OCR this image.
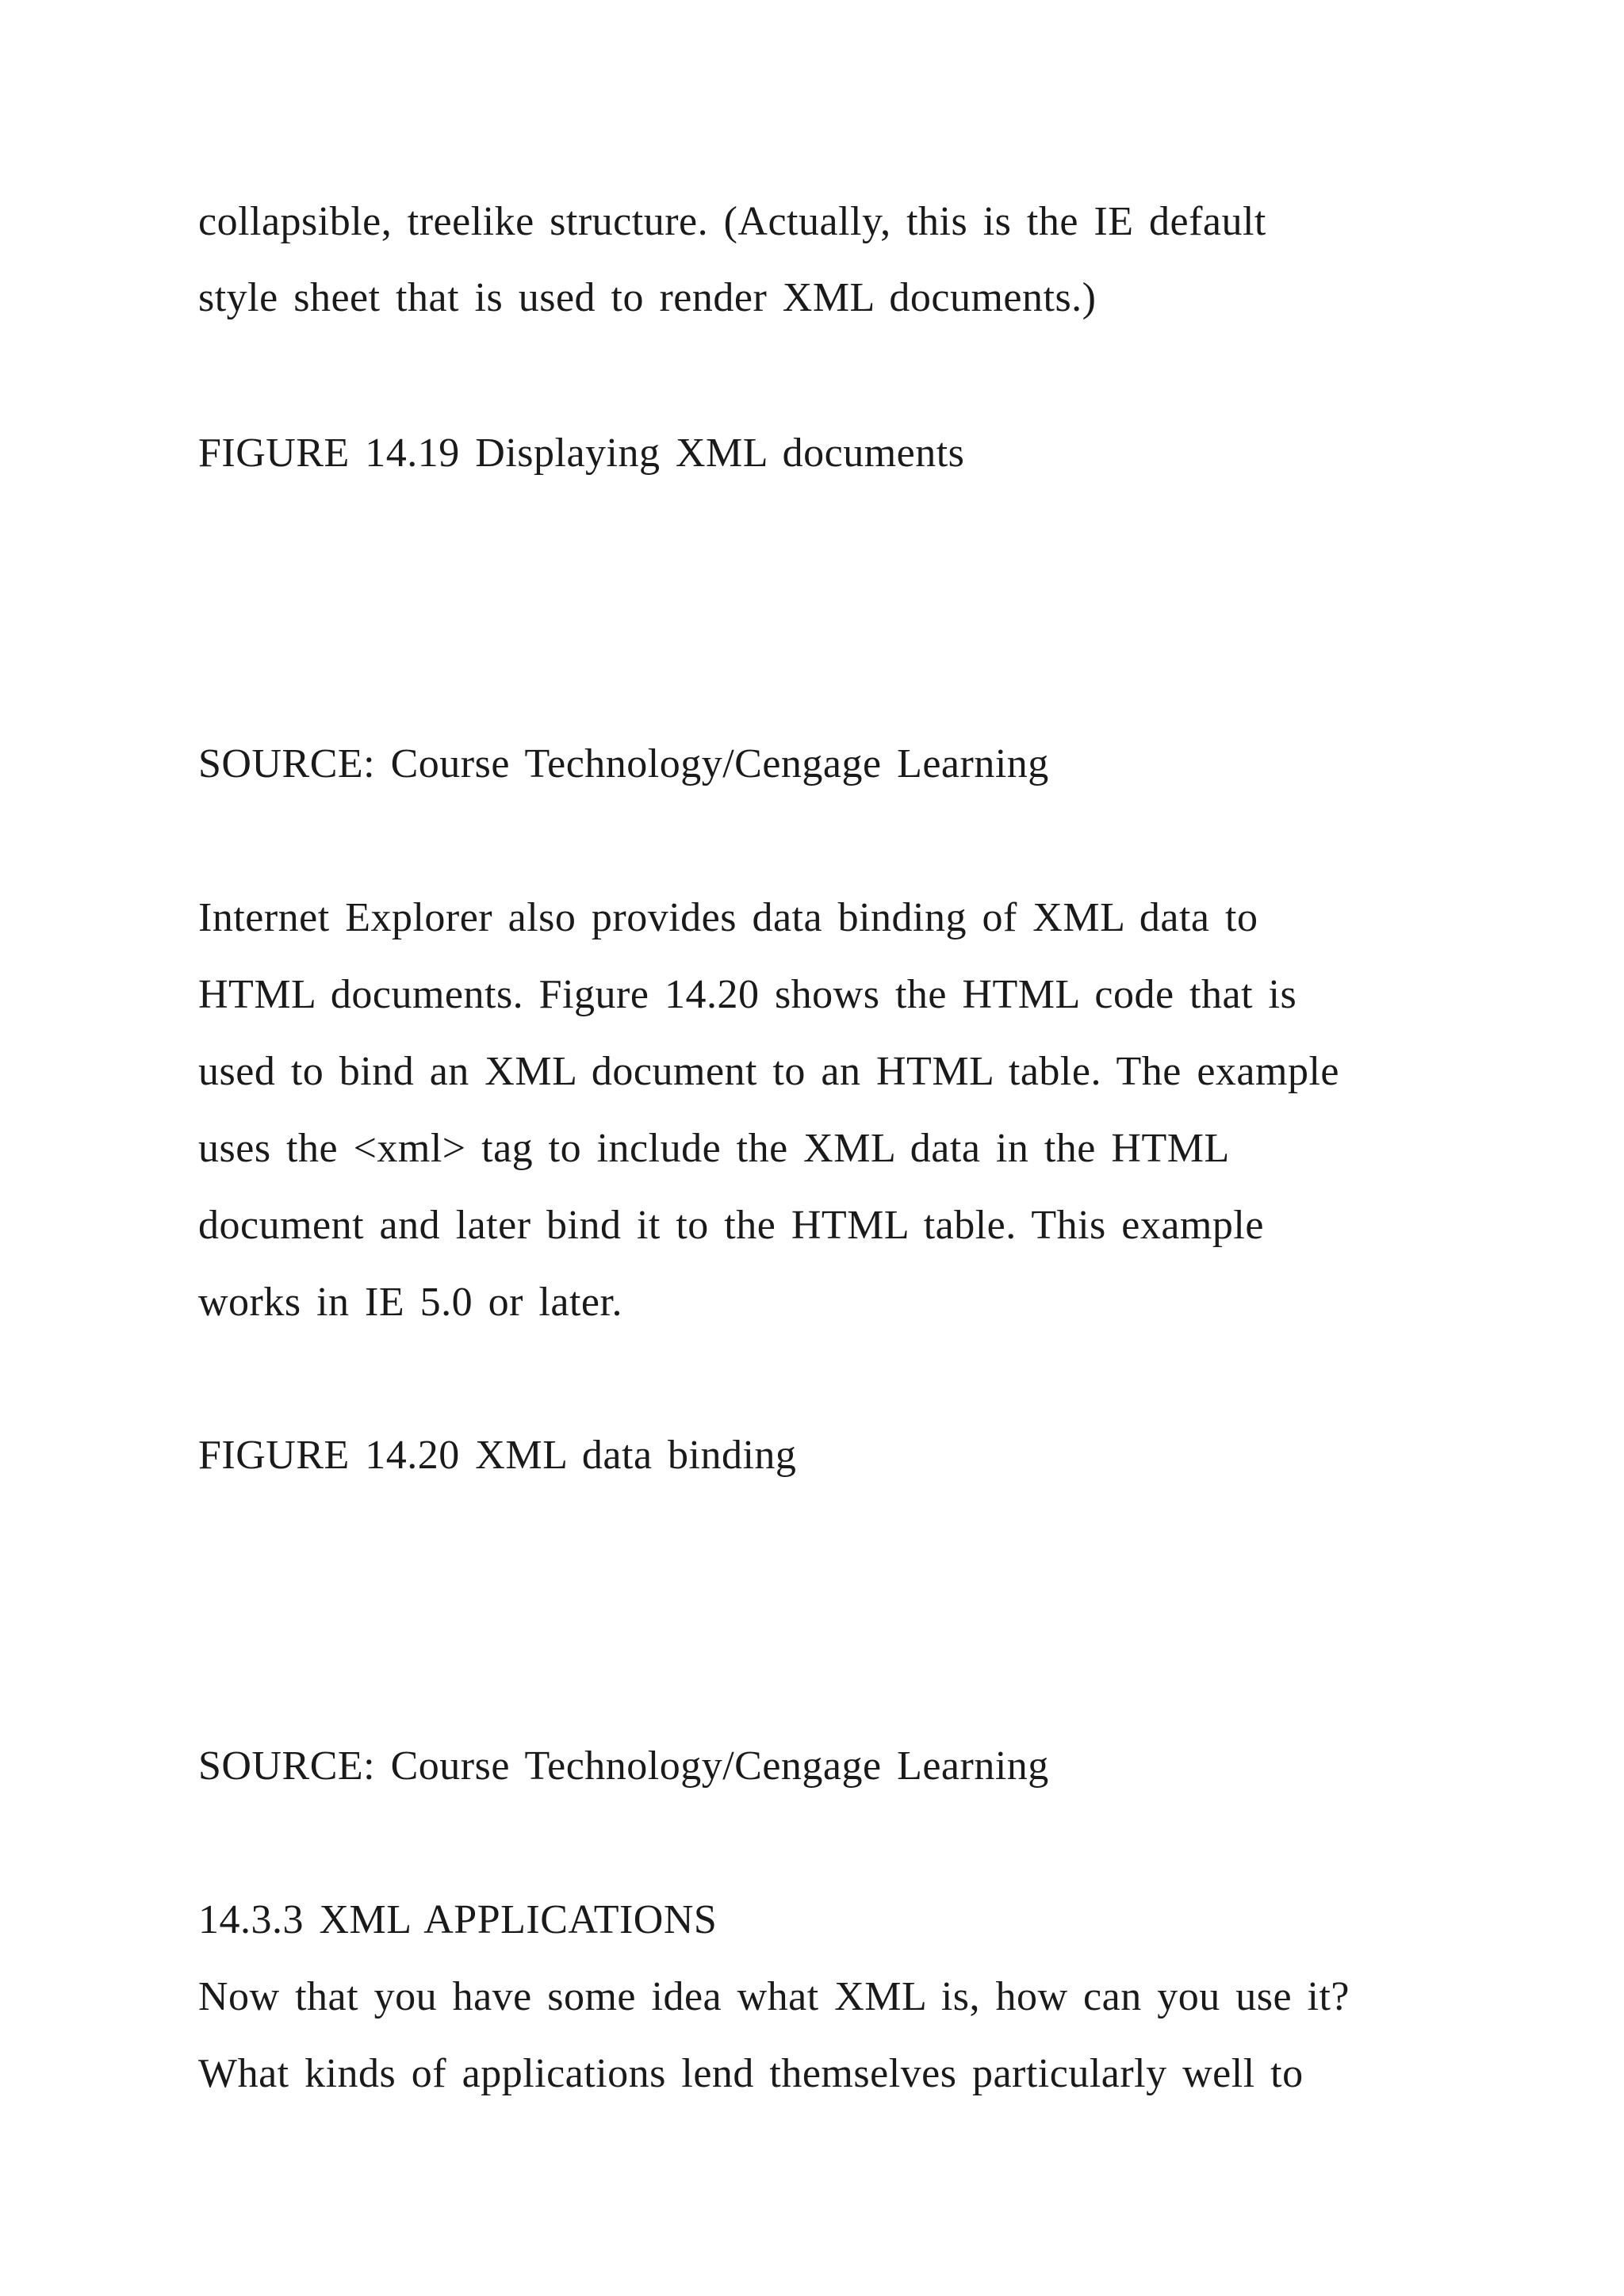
collapsible, treelike structure. (Actually, this is the IE default
style sheet that is used to render XML documents.)
FIGURE 14.19 Displaying XML documents
SOURCE: Course Technology/Cengage Learning
Internet Explorer also provides data binding of XML data to
HTML documents. Figure 14.20 shows the HTML code that is
used to bind an XML document to an HTML table. The example
uses the <xml> tag to include the XML data in the HTML
document and later bind it to the HTML table. This example
works in IE 5.0 or later.
FIGURE 14.20 XML data binding
SOURCE: Course Technology/Cengage Learning
14.3.3 XML APPLICATIONS
Now that you have some idea what XML is, how can you use it?
What kinds of applications lend themselves particularly well to
